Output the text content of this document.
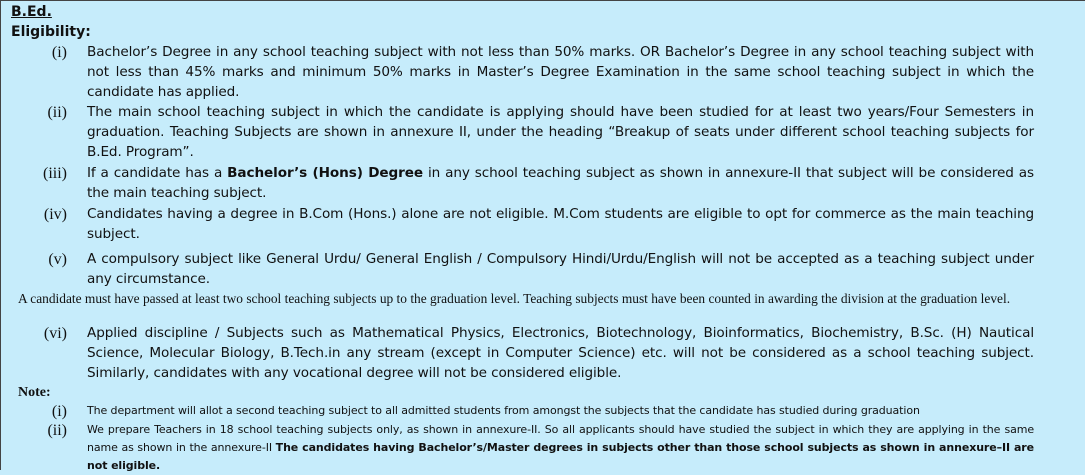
B.Ed.
Eligibility:
(i) Bachelor’s Degree in any school teaching subject with not less than 50% marks. OR Bachelor’s Degree in any school teaching subject with not less than 45% marks and minimum 50% marks in Master’s Degree Examination in the same school teaching subject in which the candidate has applied.
(ii) The main school teaching subject in which the candidate is applying should have been studied for at least two years/Four Semesters in graduation. Teaching Subjects are shown in annexure II, under the heading “Breakup of seats under different school teaching subjects for B.Ed. Program”.
(iii) If a candidate has a Bachelor’s (Hons) Degree in any school teaching subject as shown in annexure-II that subject will be considered as the main teaching subject.
(iv) Candidates having a degree in B.Com (Hons.) alone are not eligible. M.Com students are eligible to opt for commerce as the main teaching subject.
(v) A compulsory subject like General Urdu/ General English / Compulsory Hindi/Urdu/English will not be accepted as a teaching subject under any circumstance.
A candidate must have passed at least two school teaching subjects up to the graduation level. Teaching subjects must have been counted in awarding the division at the graduation level.
(vi) Applied discipline / Subjects such as Mathematical Physics, Electronics, Biotechnology, Bioinformatics, Biochemistry, B.Sc. (H) Nautical Science, Molecular Biology, B.Tech.in any stream (except in Computer Science) etc. will not be considered as a school teaching subject. Similarly, candidates with any vocational degree will not be considered eligible.
Note:
(i) The department will allot a second teaching subject to all admitted students from amongst the subjects that the candidate has studied during graduation
(ii) We prepare Teachers in 18 school teaching subjects only, as shown in annexure-II. So all applicants should have studied the subject in which they are applying in the same name as shown in the annexure-II The candidates having Bachelor’s/Master degrees in subjects other than those school subjects as shown in annexure–II are not eligible.
